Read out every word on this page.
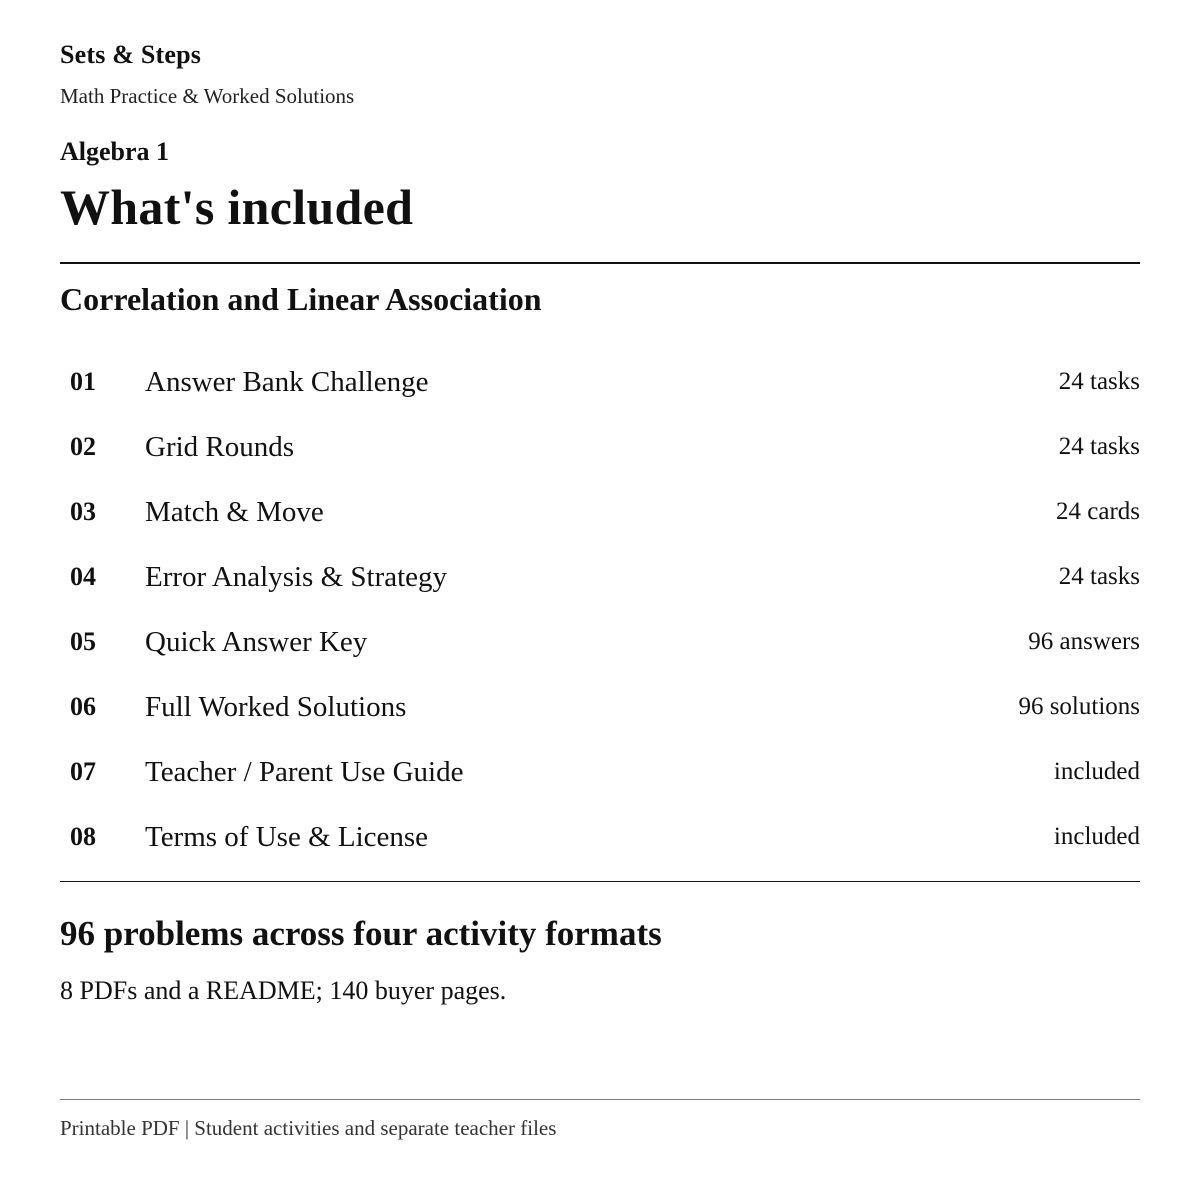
Sets & Steps
Math Practice & Worked Solutions
Algebra 1
What's included
Correlation and Linear Association
01 Answer Bank Challenge	24 tasks
02 Grid Rounds	24 tasks
03 Match & Move	24 cards
04 Error Analysis & Strategy	24 tasks
05 Quick Answer Key	96 answers
06 Full Worked Solutions	96 solutions
07 Teacher / Parent Use Guide	included
08 Terms of Use & License	included
96 problems across four activity formats
8 PDFs and a README; 140 buyer pages.
Printable PDF | Student activities and separate teacher files
